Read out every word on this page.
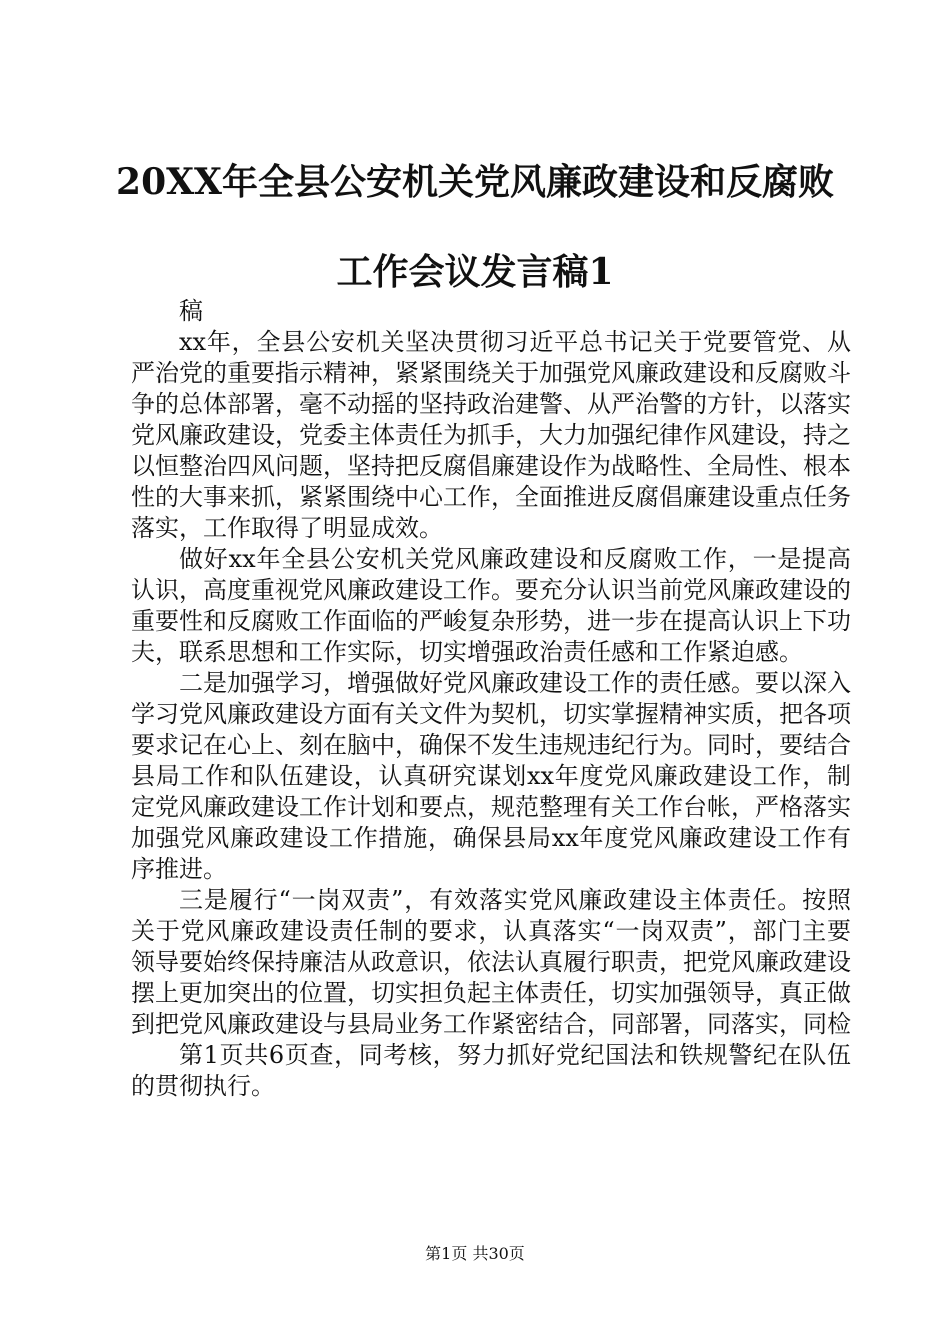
20XX年全县公安机关党风廉政建设和反腐败
工作会议发言稿1

稿

xx年，全县公安机关坚决贯彻习近平总书记关于党要管党、从严治党的重要指示精神，紧紧围绕关于加强党风廉政建设和反腐败斗争的总体部署，毫不动摇的坚持政治建警、从严治警的方针，以落实党风廉政建设，党委主体责任为抓手，大力加强纪律作风建设，持之以恒整治四风问题，坚持把反腐倡廉建设作为战略性、全局性、根本性的大事来抓，紧紧围绕中心工作，全面推进反腐倡廉建设重点任务落实，工作取得了明显成效。

做好xx年全县公安机关党风廉政建设和反腐败工作，一是提高认识，高度重视党风廉政建设工作。要充分认识当前党风廉政建设的重要性和反腐败工作面临的严峻复杂形势，进一步在提高认识上下功夫，联系思想和工作实际，切实增强政治责任感和工作紧迫感。

二是加强学习，增强做好党风廉政建设工作的责任感。要以深入学习党风廉政建设方面有关文件为契机，切实掌握精神实质，把各项要求记在心上、刻在脑中，确保不发生违规违纪行为。同时，要结合县局工作和队伍建设，认真研究谋划xx年度党风廉政建设工作，制定党风廉政建设工作计划和要点，规范整理有关工作台帐，严格落实加强党风廉政建设工作措施，确保县局xx年度党风廉政建设工作有序推进。

三是履行“一岗双责”，有效落实党风廉政建设主体责任。按照关于党风廉政建设责任制的要求，认真落实“一岗双责”，部门主要领导要始终保持廉洁从政意识，依法认真履行职责，把党风廉政建设摆上更加突出的位置，切实担负起主体责任，切实加强领导，真正做到把党风廉政建设与县局业务工作紧密结合，同部署，同落实，同检

第1页共6页查，同考核，努力抓好党纪国法和铁规警纪在队伍的贯彻执行。

第1页 共30页
